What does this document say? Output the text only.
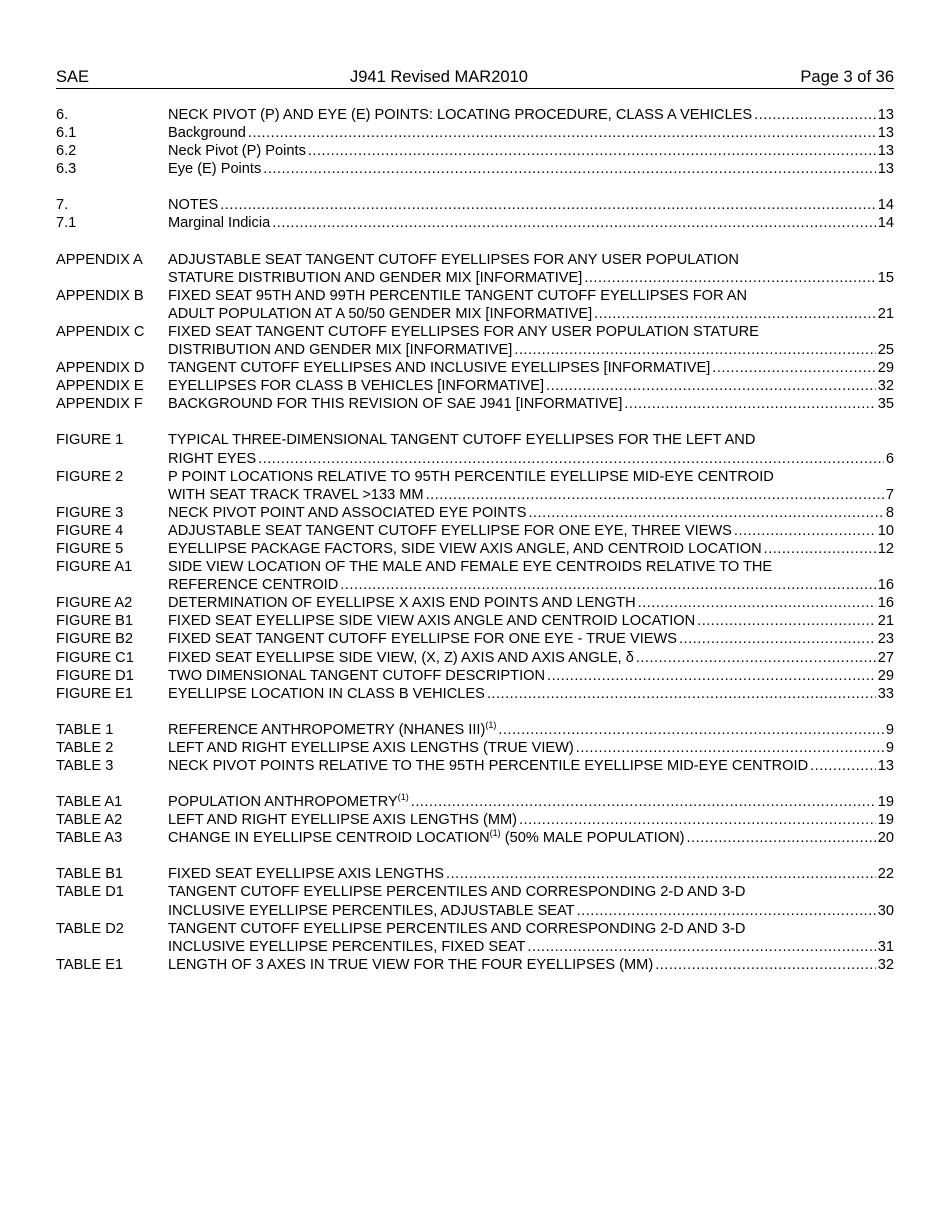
SAE	J941 Revised MAR2010	Page 3 of 36
6.	NECK PIVOT (P) AND EYE (E) POINTS: LOCATING PROCEDURE, CLASS A VEHICLES .....	13
6.1	Background .....	13
6.2	Neck Pivot (P) Points .....	13
6.3	Eye (E) Points .....	13
7.	NOTES .....	14
7.1	Marginal Indicia .....	14
APPENDIX A	ADJUSTABLE SEAT TANGENT CUTOFF EYELLIPSES FOR ANY USER POPULATION
STATURE DISTRIBUTION AND GENDER MIX [INFORMATIVE] .....	15
APPENDIX B	FIXED SEAT 95TH AND 99TH PERCENTILE TANGENT CUTOFF EYELLIPSES FOR AN
ADULT POPULATION AT A 50/50 GENDER MIX [INFORMATIVE] .....	21
APPENDIX C	FIXED SEAT TANGENT CUTOFF EYELLIPSES FOR ANY USER POPULATION STATURE
DISTRIBUTION AND GENDER MIX [INFORMATIVE] .....	25
APPENDIX D	TANGENT CUTOFF EYELLIPSES AND INCLUSIVE EYELLIPSES [INFORMATIVE] .....	29
APPENDIX E	EYELLIPSES FOR CLASS B VEHICLES [INFORMATIVE] .....	32
APPENDIX F	BACKGROUND FOR THIS REVISION OF SAE J941 [INFORMATIVE] .....	35
FIGURE 1	TYPICAL THREE-DIMENSIONAL TANGENT CUTOFF EYELLIPSES FOR THE LEFT AND
RIGHT EYES .....	6
FIGURE 2	P POINT LOCATIONS RELATIVE TO 95TH PERCENTILE EYELLIPSE MID-EYE CENTROID
WITH SEAT TRACK TRAVEL >133 MM .....	7
FIGURE 3	NECK PIVOT POINT AND ASSOCIATED EYE POINTS .....	8
FIGURE 4	ADJUSTABLE SEAT TANGENT CUTOFF EYELLIPSE FOR ONE EYE, THREE VIEWS .....	10
FIGURE 5	EYELLIPSE PACKAGE FACTORS, SIDE VIEW AXIS ANGLE, AND CENTROID LOCATION .....	12
FIGURE A1	SIDE VIEW LOCATION OF THE MALE AND FEMALE EYE CENTROIDS RELATIVE TO THE
REFERENCE CENTROID .....	16
FIGURE A2	DETERMINATION OF EYELLIPSE X AXIS END POINTS AND LENGTH .....	16
FIGURE B1	FIXED SEAT EYELLIPSE SIDE VIEW AXIS ANGLE AND CENTROID LOCATION .....	21
FIGURE B2	FIXED SEAT TANGENT CUTOFF EYELLIPSE FOR ONE EYE - TRUE VIEWS .....	23
FIGURE C1	FIXED SEAT EYELLIPSE SIDE VIEW, (X, Z) AXIS AND AXIS ANGLE, δ .....	27
FIGURE D1	TWO DIMENSIONAL TANGENT CUTOFF DESCRIPTION .....	29
FIGURE E1	EYELLIPSE LOCATION IN CLASS B VEHICLES .....	33
TABLE 1	REFERENCE ANTHROPOMETRY (NHANES III)$^{(1)}$ .....	9
TABLE 2	LEFT AND RIGHT EYELLIPSE AXIS LENGTHS (TRUE VIEW) .....	9
TABLE 3	NECK PIVOT POINTS RELATIVE TO THE 95TH PERCENTILE EYELLIPSE MID-EYE CENTROID .....	13
TABLE A1	POPULATION ANTHROPOMETRY$^{(1)}$ .....	19
TABLE A2	LEFT AND RIGHT EYELLIPSE AXIS LENGTHS (MM) .....	19
TABLE A3	CHANGE IN EYELLIPSE CENTROID LOCATION$^{(1)}$ (50% MALE POPULATION) .....	20
TABLE B1	FIXED SEAT EYELLIPSE AXIS LENGTHS .....	22
TABLE D1	TANGENT CUTOFF EYELLIPSE PERCENTILES AND CORRESPONDING 2-D AND 3-D
INCLUSIVE EYELLIPSE PERCENTILES, ADJUSTABLE SEAT .....	30
TABLE D2	TANGENT CUTOFF EYELLIPSE PERCENTILES AND CORRESPONDING 2-D AND 3-D
INCLUSIVE EYELLIPSE PERCENTILES, FIXED SEAT .....	31
TABLE E1	LENGTH OF 3 AXES IN TRUE VIEW FOR THE FOUR EYELLIPSES (MM) .....	32
